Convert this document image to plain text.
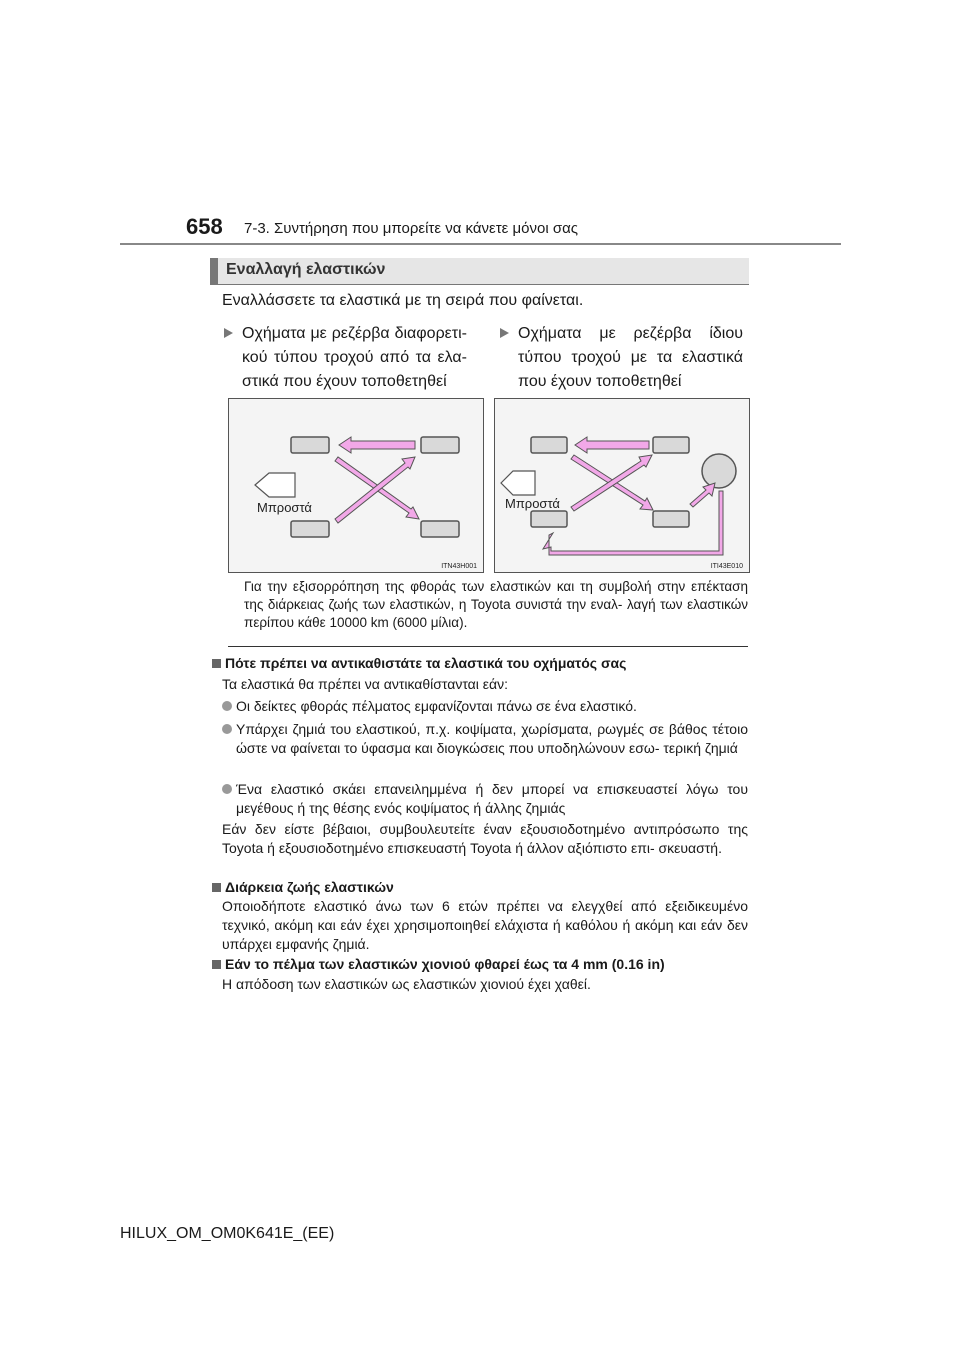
658 7-3. Συντήρηση που μπορείτε να κάνετε μόνοι σας
Εναλλαγή ελαστικών
Εναλλάσσετε τα ελαστικά με τη σειρά που φαίνεται.
Οχήματα με ρεζέρβα διαφορετι- κού τύπου τροχού από τα ελα- στικά που έχουν τοποθετηθεί
Οχήματα με ρεζέρβα ίδιου τύπου τροχού με τα ελαστικά που έχουν τοποθετηθεί
Μπροστά
ITN43H001
Μπροστά
ITI43E010
Για την εξισορρόπηση της φθοράς των ελαστικών και τη συμβολή στην επέκταση της διάρκειας ζωής των ελαστικών, η Toyota συνιστά την εναλ- λαγή των ελαστικών περίπου κάθε 10000 km (6000 μίλια).
Πότε πρέπει να αντικαθιστάτε τα ελαστικά του οχήματός σας
Τα ελαστικά θα πρέπει να αντικαθίστανται εάν:
Οι δείκτες φθοράς πέλματος εμφανίζονται πάνω σε ένα ελαστικό.
Υπάρχει ζημιά του ελαστικού, π.χ. κοψίματα, χωρίσματα, ρωγμές σε βάθος τέτοιο ώστε να φαίνεται το ύφασμα και διογκώσεις που υποδηλώνουν εσω- τερική ζημιά
Ένα ελαστικό σκάει επανειλημμένα ή δεν μπορεί να επισκευαστεί λόγω του μεγέθους ή της θέσης ενός κοψίματος ή άλλης ζημιάς
Εάν δεν είστε βέβαιοι, συμβουλευτείτε έναν εξουσιοδοτημένο αντιπρόσωπο της Toyota ή εξουσιοδοτημένο επισκευαστή Toyota ή άλλον αξιόπιστο επι- σκευαστή.
Διάρκεια ζωής ελαστικών
Οποιοδήποτε ελαστικό άνω των 6 ετών πρέπει να ελεγχθεί από εξειδικευμένο τεχνικό, ακόμη και εάν έχει χρησιμοποιηθεί ελάχιστα ή καθόλου ή ακόμη και εάν δεν υπάρχει εμφανής ζημιά.
Εάν το πέλμα των ελαστικών χιονιού φθαρεί έως τα 4 mm (0.16 in)
Η απόδοση των ελαστικών ως ελαστικών χιονιού έχει χαθεί.
HILUX_OM_OM0K641E_(EE)
